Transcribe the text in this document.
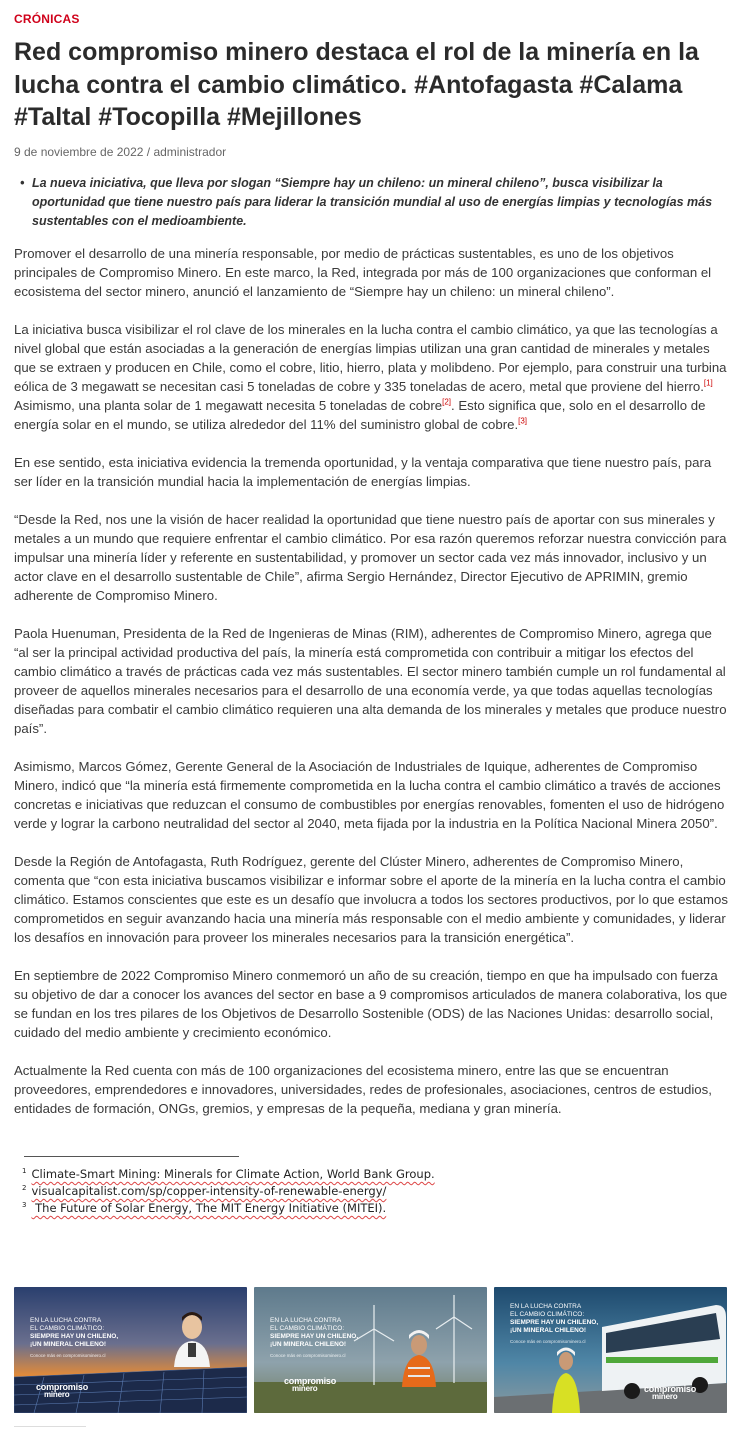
CRÓNICAS
Red compromiso minero destaca el rol de la minería en la lucha contra el cambio climático. #Antofagasta #Calama #Taltal #Tocopilla #Mejillones
9 de noviembre de 2022 / administrador
• La nueva iniciativa, que lleva por slogan “Siempre hay un chileno: un mineral chileno”, busca visibilizar la oportunidad que tiene nuestro país para liderar la transición mundial al uso de energías limpias y tecnologías más sustentables con el medioambiente.

Promover el desarrollo de una minería responsable, por medio de prácticas sustentables, es uno de los objetivos principales de Compromiso Minero. En este marco, la Red, integrada por más de 100 organizaciones que conforman el ecosistema del sector minero, anunció el lanzamiento de “Siempre hay un chileno: un mineral chileno”.

La iniciativa busca visibilizar el rol clave de los minerales en la lucha contra el cambio climático, ya que las tecnologías a nivel global que están asociadas a la generación de energías limpias utilizan una gran cantidad de minerales y metales que se extraen y producen en Chile, como el cobre, litio, hierro, plata y molibdeno. Por ejemplo, para construir una turbina eólica de 3 megawatt se necesitan casi 5 toneladas de cobre y 335 toneladas de acero, metal que proviene del hierro.[1] Asimismo, una planta solar de 1 megawatt necesita 5 toneladas de cobre[2]. Esto significa que, solo en el desarrollo de energía solar en el mundo, se utiliza alrededor del 11% del suministro global de cobre.[3]

En ese sentido, esta iniciativa evidencia la tremenda oportunidad, y la ventaja comparativa que tiene nuestro país, para ser líder en la transición mundial hacia la implementación de energías limpias.

“Desde la Red, nos une la visión de hacer realidad la oportunidad que tiene nuestro país de aportar con sus minerales y metales a un mundo que requiere enfrentar el cambio climático. Por esa razón queremos reforzar nuestra convicción para impulsar una minería líder y referente en sustentabilidad, y promover un sector cada vez más innovador, inclusivo y un actor clave en el desarrollo sustentable de Chile”, afirma Sergio Hernández, Director Ejecutivo de APRIMIN, gremio adherente de Compromiso Minero.

Paola Huenuman, Presidenta de la Red de Ingenieras de Minas (RIM), adherentes de Compromiso Minero, agrega que “al ser la principal actividad productiva del país, la minería está comprometida con contribuir a mitigar los efectos del cambio climático a través de prácticas cada vez más sustentables. El sector minero también cumple un rol fundamental al proveer de aquellos minerales necesarios para el desarrollo de una economía verde, ya que todas aquellas tecnologías diseñadas para combatir el cambio climático requieren una alta demanda de los minerales y metales que produce nuestro país”.

Asimismo, Marcos Gómez, Gerente General de la Asociación de Industriales de Iquique, adherentes de Compromiso Minero, indicó que “la minería está firmemente comprometida en la lucha contra el cambio climático a través de acciones concretas e iniciativas que reduzcan el consumo de combustibles por energías renovables, fomenten el uso de hidrógeno verde y lograr la carbono neutralidad del sector al 2040, meta fijada por la industria en la Política Nacional Minera 2050”.

Desde la Región de Antofagasta, Ruth Rodríguez, gerente del Clúster Minero, adherentes de Compromiso Minero, comenta que “con esta iniciativa buscamos visibilizar e informar sobre el aporte de la minería en la lucha contra el cambio climático. Estamos conscientes que este es un desafío que involucra a todos los sectores productivos, por lo que estamos comprometidos en seguir avanzando hacia una minería más responsable con el medio ambiente y comunidades, y liderar los desafíos en innovación para proveer los minerales necesarios para la transición energética”.

En septiembre de 2022 Compromiso Minero conmemoró un año de su creación, tiempo en que ha impulsado con fuerza su objetivo de dar a conocer los avances del sector en base a 9 compromisos articulados de manera colaborativa, los que se fundan en los tres pilares de los Objetivos de Desarrollo Sostenible (ODS) de las Naciones Unidas: desarrollo social, cuidado del medio ambiente y crecimiento económico.

Actualmente la Red cuenta con más de 100 organizaciones del ecosistema minero, entre las que se encuentran proveedores, emprendedores e innovadores, universidades, redes de profesionales, asociaciones, centros de estudios, entidades de formación, ONGs, gremios, y empresas de la pequeña, mediana y gran minería.

$^1$ Climate-Smart Mining: Minerals for Climate Action, World Bank Group.
$^2$ visualcapitalist.com/sp/copper-intensity-of-renewable-energy/
$^3$ The Future of Solar Energy, The MIT Energy Initiative (MITEI).
EN LA LUCHA CONTRA
EL CAMBIO CLIMÁTICO:
SIEMPRE HAY UN CHILENO,
¡UN MINERAL CHILENO!
Conoce más en compromisominero.cl
compromiso
minero
EN LA LUCHA CONTRA
EL CAMBIO CLIMÁTICO:
SIEMPRE HAY UN CHILENO,
¡UN MINERAL CHILENO!
Conoce más en compromisominero.cl
compromiso
minero
EN LA LUCHA CONTRA
EL CAMBIO CLIMÁTICO:
SIEMPRE HAY UN CHILENO,
¡UN MINERAL CHILENO!
Conoce más en compromisominero.cl
compromiso
minero
